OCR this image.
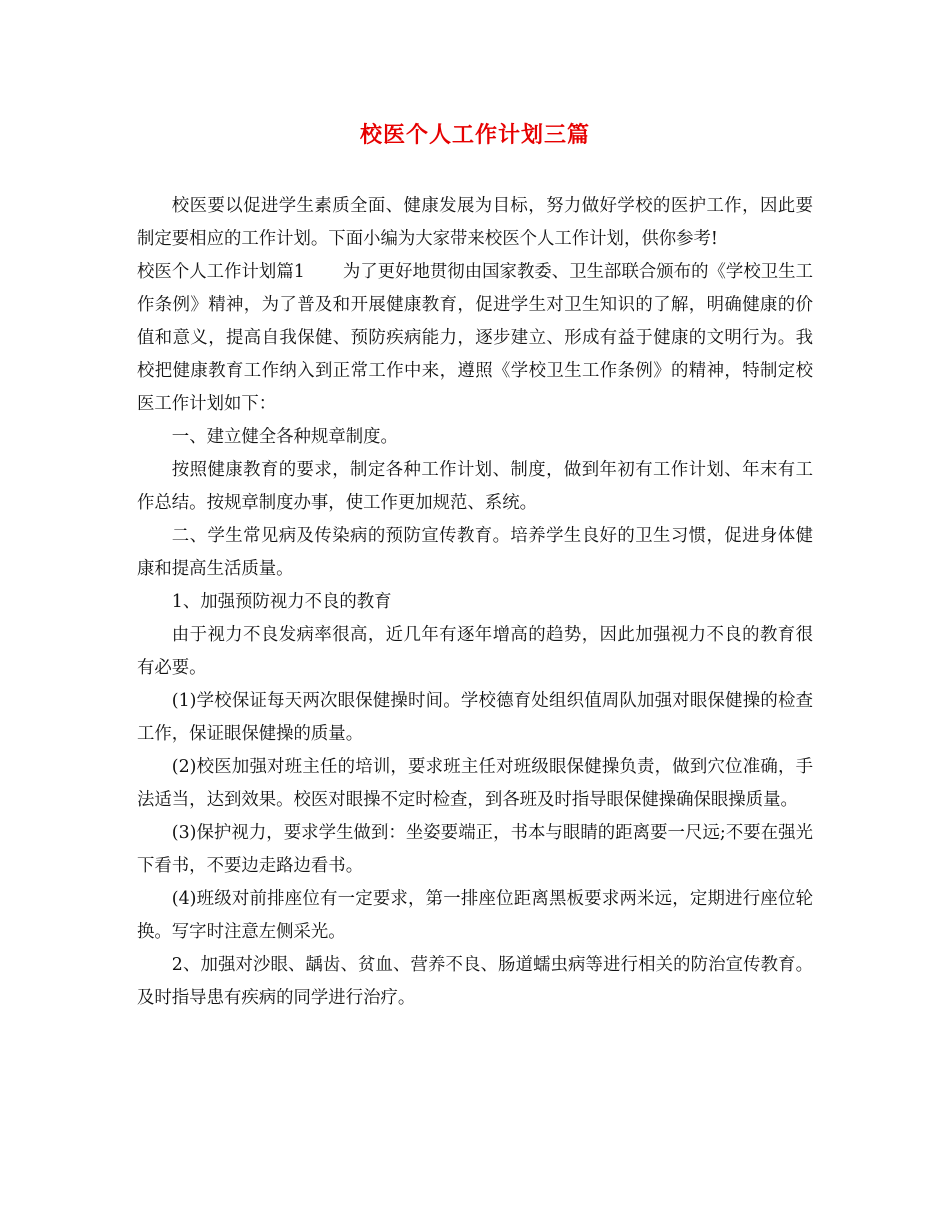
校医个人工作计划三篇

校医要以促进学生素质全面、健康发展为目标，努力做好学校的医护工作，因此要制定要相应的工作计划。下面小编为大家带来校医个人工作计划，供你参考!

校医个人工作计划篇1 为了更好地贯彻由国家教委、卫生部联合颁布的《学校卫生工作条例》精神，为了普及和开展健康教育，促进学生对卫生知识的了解，明确健康的价值和意义，提高自我保健、预防疾病能力，逐步建立、形成有益于健康的文明行为。我校把健康教育工作纳入到正常工作中来，遵照《学校卫生工作条例》的精神，特制定校医工作计划如下：

一、建立健全各种规章制度。

按照健康教育的要求，制定各种工作计划、制度，做到年初有工作计划、年末有工作总结。按规章制度办事，使工作更加规范、系统。

二、学生常见病及传染病的预防宣传教育。培养学生良好的卫生习惯，促进身体健康和提高生活质量。

1、加强预防视力不良的教育

由于视力不良发病率很高，近几年有逐年增高的趋势，因此加强视力不良的教育很有必要。

(1)学校保证每天两次眼保健操时间。学校德育处组织值周队加强对眼保健操的检查工作，保证眼保健操的质量。

(2)校医加强对班主任的培训，要求班主任对班级眼保健操负责，做到穴位准确，手法适当，达到效果。校医对眼操不定时检查，到各班及时指导眼保健操确保眼操质量。

(3)保护视力，要求学生做到：坐姿要端正，书本与眼睛的距离要一尺远;不要在强光下看书，不要边走路边看书。

(4)班级对前排座位有一定要求，第一排座位距离黑板要求两米远，定期进行座位轮换。写字时注意左侧采光。

2、加强对沙眼、龋齿、贫血、营养不良、肠道蠕虫病等进行相关的防治宣传教育。及时指导患有疾病的同学进行治疗。
